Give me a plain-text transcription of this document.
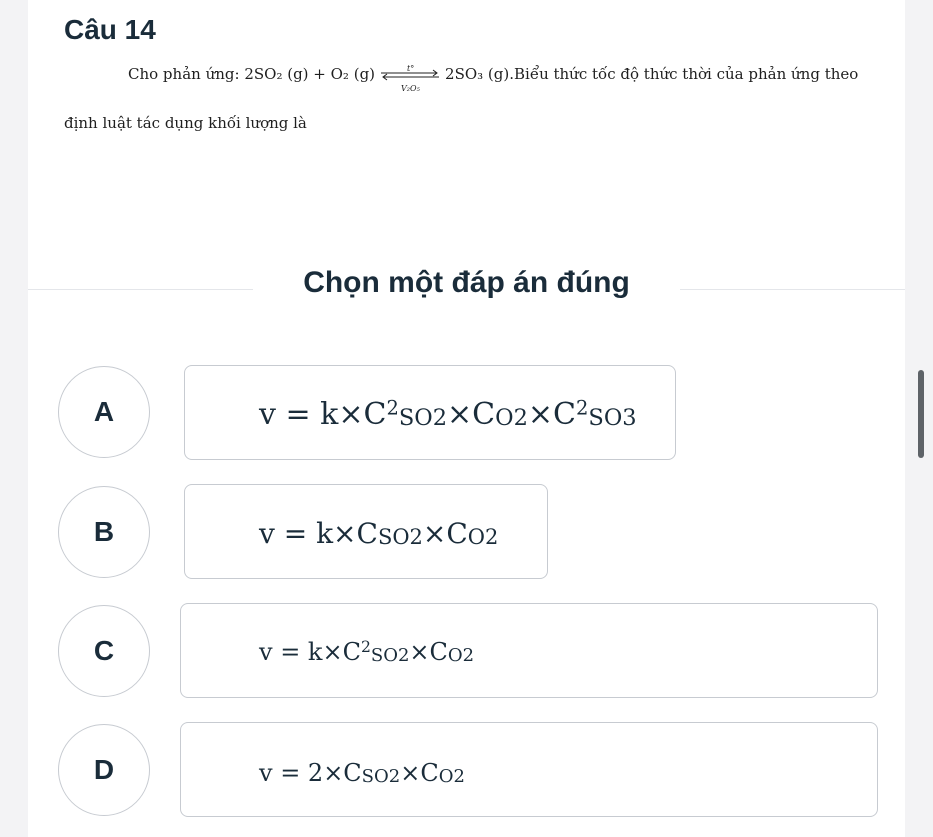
Câu 14
Cho phản ứng: 2SO₂ (g) + O₂ (g)	t°
V₂O₅
2SO₃ (g).Biểu thức tốc độ thức thời của phản ứng theo
định luật tác dụng khối lượng là
Chọn một đáp án đúng
A	$v = k\times C^2SO2\times CO2\times C^2SO3$
B	v = k×CSO2×CO2
C	$v = k\times C^2SO2\times CO2$
D	v = 2×CSO2×CO2
